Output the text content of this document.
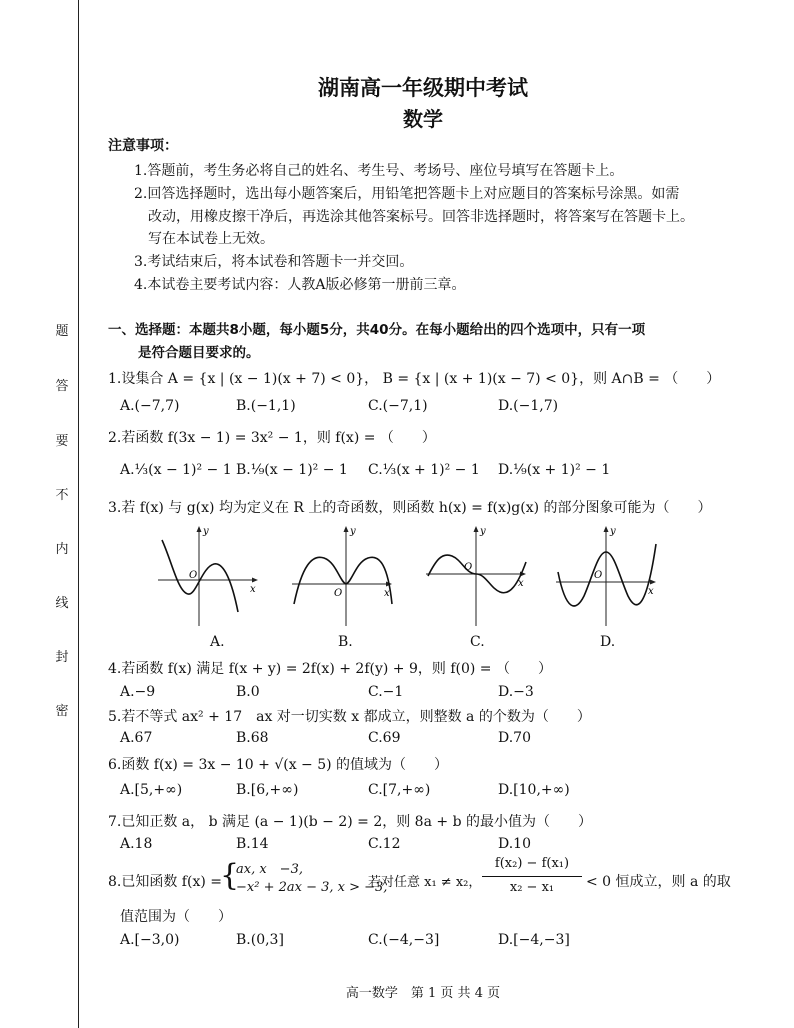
题
答
要
不
内
线
封
密
湖南高一年级期中考试
数学
注意事项：
1.答题前，考生务必将自己的姓名、考生号、考场号、座位号填写在答题卡上。
2.回答选择题时，选出每小题答案后，用铅笔把答题卡上对应题目的答案标号涂黑。如需
改动，用橡皮擦干净后，再选涂其他答案标号。回答非选择题时，将答案写在答题卡上。
写在本试卷上无效。
3.考试结束后，将本试卷和答题卡一并交回。
4.本试卷主要考试内容：人教A版必修第一册前三章。
一、选择题：本题共8小题，每小题5分，共40分。在每小题给出的四个选项中，只有一项
是符合题目要求的。
1.设集合 A = {x | (x − 1)(x + 7) < 0}， B = {x | (x + 1)(x − 7) < 0}，则 A∩B = （　　）
A.(−7,7)	B.(−1,1)	C.(−7,1)	D.(−1,7)
2.若函数 f(3x − 1) = 3x² − 1，则 f(x) = （　　）
A.⅓(x − 1)² − 1 B.⅑(x − 1)² − 1 C.⅓(x + 1)² − 1 D.⅑(x + 1)² − 1
3.若 f(x) 与 g(x) 均为定义在 R 上的奇函数，则函数 h(x) = f(x)g(x) 的部分图象可能为（　　）
y
x
O
A.
y
x
O
B.
y
x
O
C.
y
x
O
D.
4.若函数 f(x) 满足 f(x + y) = 2f(x) + 2f(y) + 9，则 f(0) = （　　）
A.−9	B.0	C.−1	D.−3
5.若不等式 ax² + 17　ax 对一切实数 x 都成立，则整数 a 的个数为（　　）
A.67	B.68	C.69	D.70
6.函数 f(x) = 3x − 10 + √(x − 5) 的值域为（　　）
A.[5,+∞)	B.[6,+∞)	C.[7,+∞)	D.[10,+∞)
7.已知正数 a， b 满足 (a − 1)(b − 2) = 2，则 8a + b 的最小值为（　　）
A.18	B.14	C.12	D.10
8.已知函数 f(x) =
{
ax, x　−3,
−x² + 2ax − 3, x > −3,
若对任意 x₁ ≠ x₂，
f(x₂) − f(x₁)
x₂ − x₁	< 0 恒成立，则 a 的取
值范围为（　　）
A.[−3,0)	B.(0,3]	C.(−4,−3]	D.[−4,−3]
高一数学　第 1 页 共 4 页
